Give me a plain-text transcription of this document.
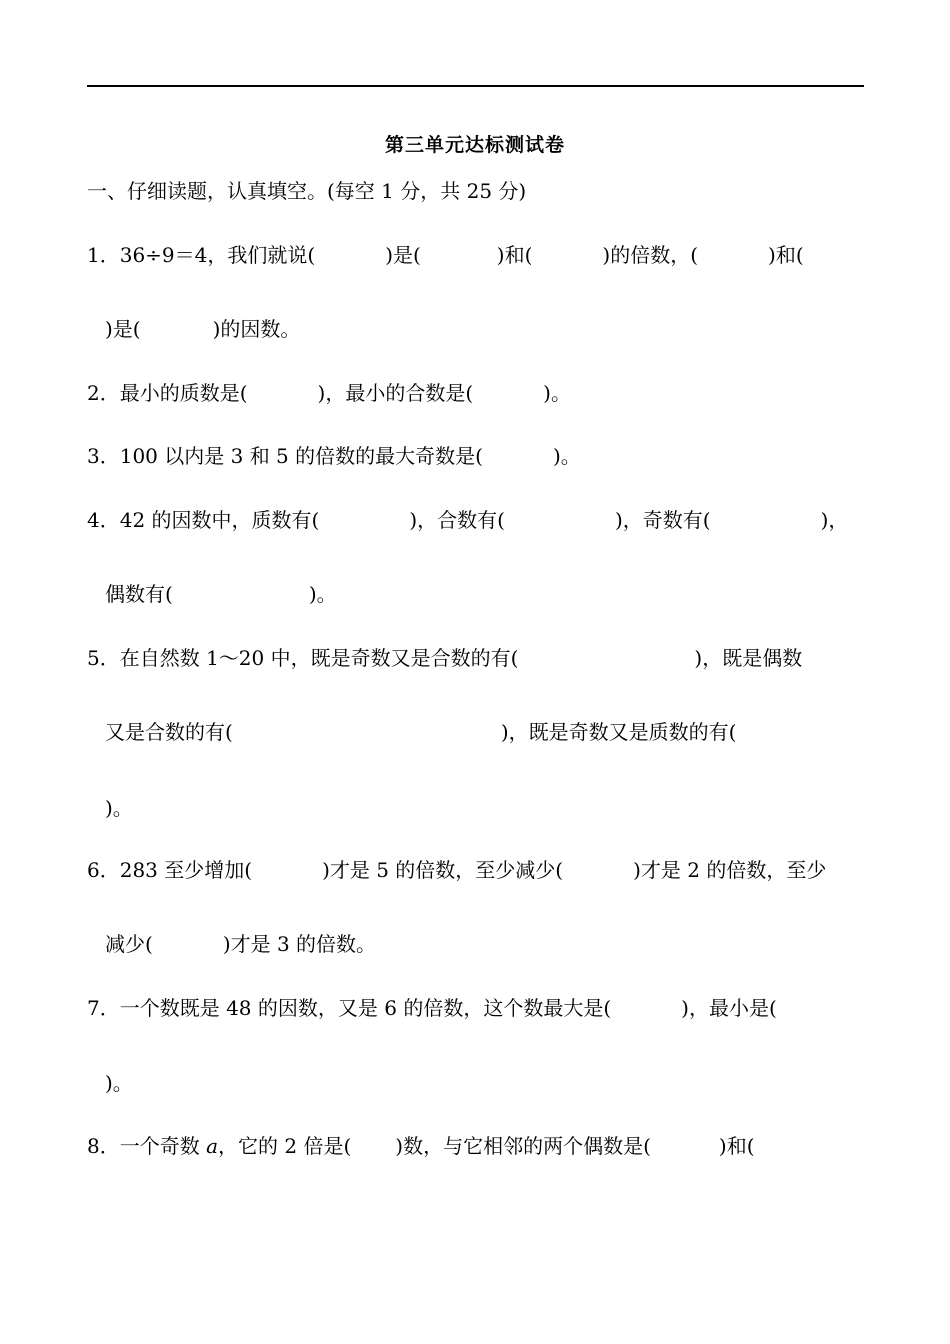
第三单元达标测试卷
一、仔细读题，认真填空。(每空 1 分，共 25 分)
1．36÷9＝4，我们就说(	)是(	)和(	)的倍数，(	)和(
)是(	)的因数。
2．最小的质数是(	)，最小的合数是(	)。
3．100 以内是 3 和 5 的倍数的最大奇数是(	)。
4．42 的因数中，质数有(	)，合数有(	)，奇数有(	)，
偶数有(	)。
5．在自然数 1～20 中，既是奇数又是合数的有(	)，既是偶数
又是合数的有(	)，既是奇数又是质数的有(
)。
6．283 至少增加(	)才是 5 的倍数，至少减少(	)才是 2 的倍数，至少
减少(	)才是 3 的倍数。
7．一个数既是 48 的因数，又是 6 的倍数，这个数最大是(	)，最小是(
)。
8．一个奇数 a，它的 2 倍是( )数，与它相邻的两个偶数是(	)和(
